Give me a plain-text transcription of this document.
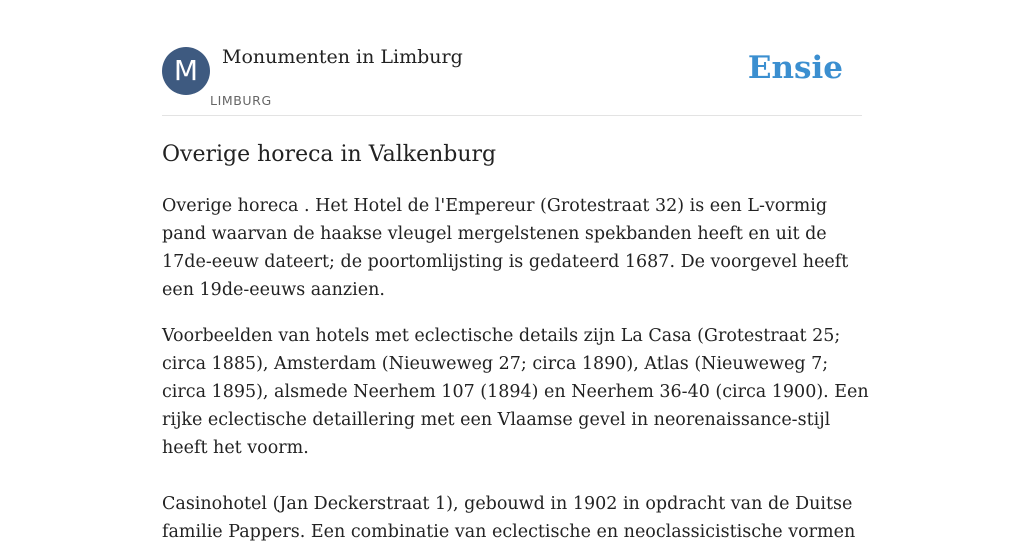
M	Monumenten in Limburg
LIMBURG
Ensie
Overige horeca in Valkenburg

Overige horeca . Het Hotel de l'Empereur (Grotestraat 32) is een L-vormig pand waarvan de haakse vleugel mergelstenen spekbanden heeft en uit de 17de-eeuw dateert; de poortomlijsting is gedateerd 1687. De voorgevel heeft een 19de-eeuws aanzien.

Voorbeelden van hotels met eclectische details zijn La Casa (Grotestraat 25; circa 1885), Amsterdam (Nieuweweg 27; circa 1890), Atlas (Nieuweweg 7; circa 1895), alsmede Neerhem 107 (1894) en Neerhem 36-40 (circa 1900). Een rijke eclectische detaillering met een Vlaamse gevel in neorenaissance-stijl heeft het voorm.

Casinohotel (Jan Deckerstraat 1), gebouwd in 1902 in opdracht van de Duitse familie Pappers. Een combinatie van eclectische en neoclassicistische vormen
